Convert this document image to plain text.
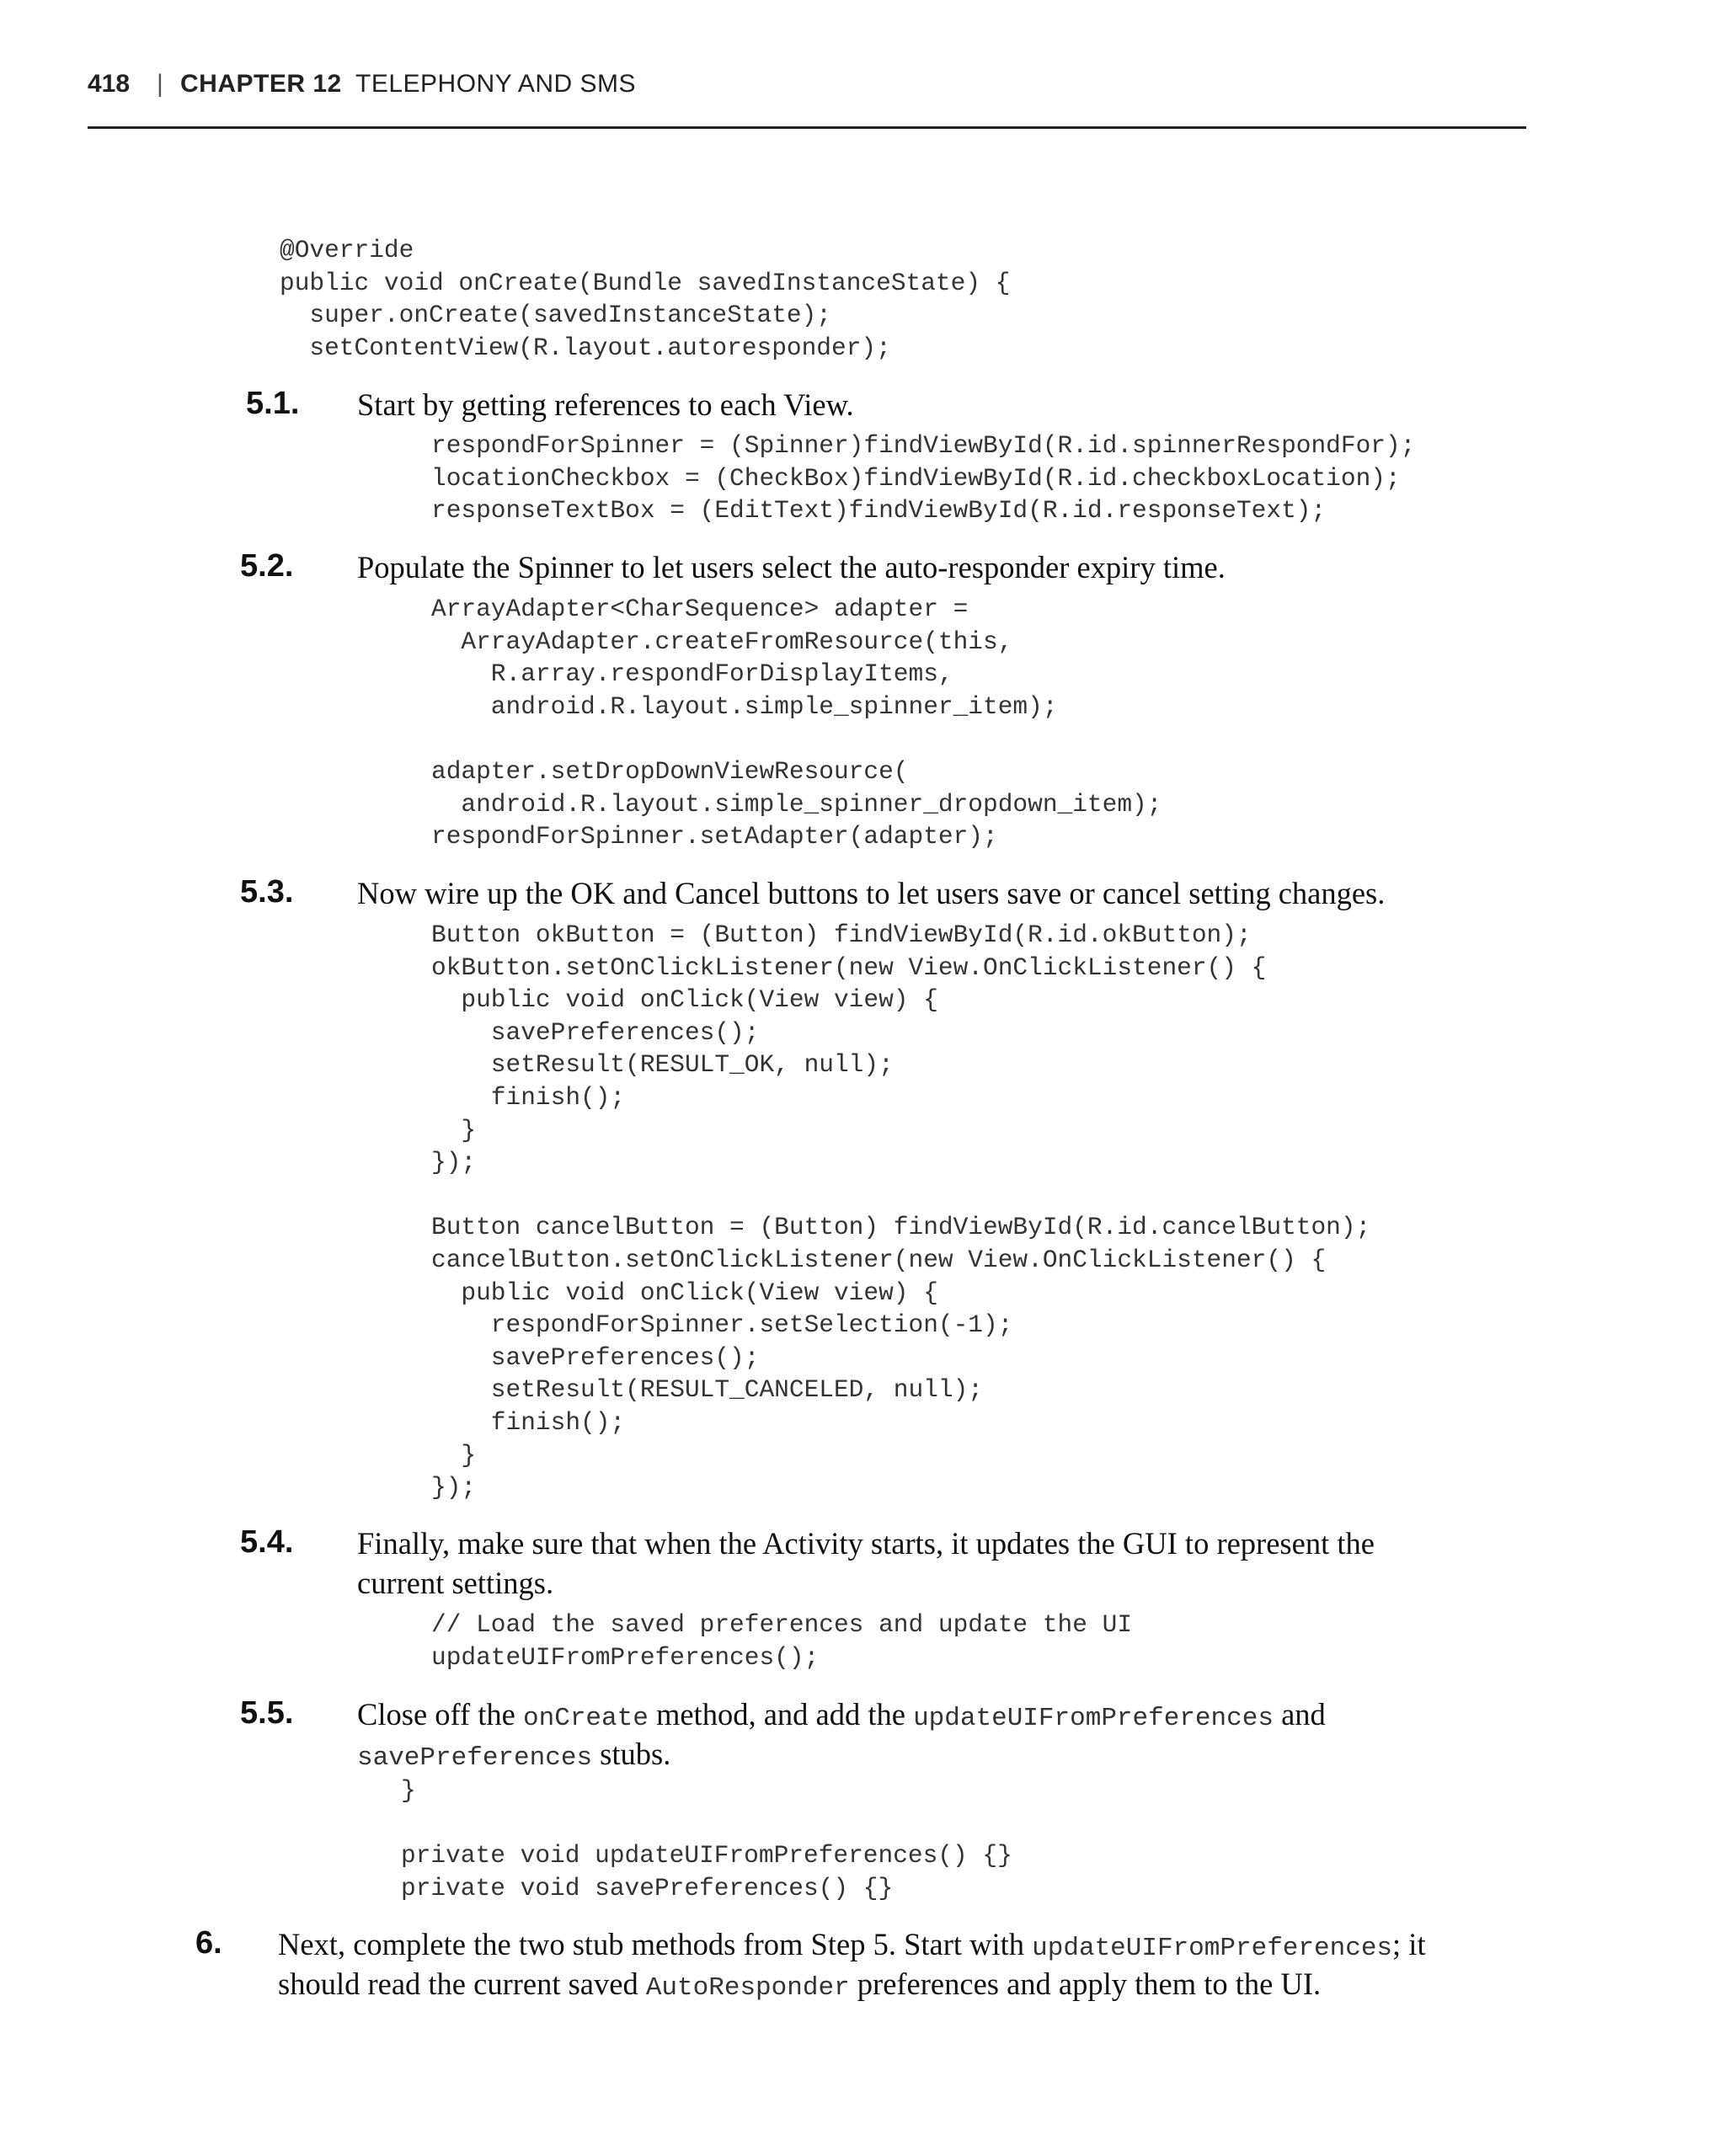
418 | CHAPTER 12 TELEPHONY AND SMS
@Override
public void onCreate(Bundle savedInstanceState) {
super.onCreate(savedInstanceState);
setContentView(R.layout.autoresponder);
5.1. Start by getting references to each View.
respondForSpinner = (Spinner)findViewById(R.id.spinnerRespondFor);
locationCheckbox = (CheckBox)findViewById(R.id.checkboxLocation);
responseTextBox = (EditText)findViewById(R.id.responseText);
5.2. Populate the Spinner to let users select the auto-responder expiry time.
ArrayAdapter<CharSequence> adapter =
ArrayAdapter.createFromResource(this,
R.array.respondForDisplayItems,
android.R.layout.simple_spinner_item);

adapter.setDropDownViewResource(
android.R.layout.simple_spinner_dropdown_item);
respondForSpinner.setAdapter(adapter);
5.3. Now wire up the OK and Cancel buttons to let users save or cancel setting changes.
Button okButton = (Button) findViewById(R.id.okButton);
okButton.setOnClickListener(new View.OnClickListener() {
public void onClick(View view) {
savePreferences();
setResult(RESULT_OK, null);
finish();
}
});

Button cancelButton = (Button) findViewById(R.id.cancelButton);
cancelButton.setOnClickListener(new View.OnClickListener() {
public void onClick(View view) {
respondForSpinner.setSelection(-1);
savePreferences();
setResult(RESULT_CANCELED, null);
finish();
}
});
5.4. Finally, make sure that when the Activity starts, it updates the GUI to represent the
current settings.
// Load the saved preferences and update the UI
updateUIFromPreferences();
5.5. Close off the onCreate method, and add the updateUIFromPreferences and
savePreferences stubs.
}

private void updateUIFromPreferences() {}
private void savePreferences() {}
6. Next, complete the two stub methods from Step 5. Start with updateUIFromPreferences; it
should read the current saved AutoResponder preferences and apply them to the UI.
